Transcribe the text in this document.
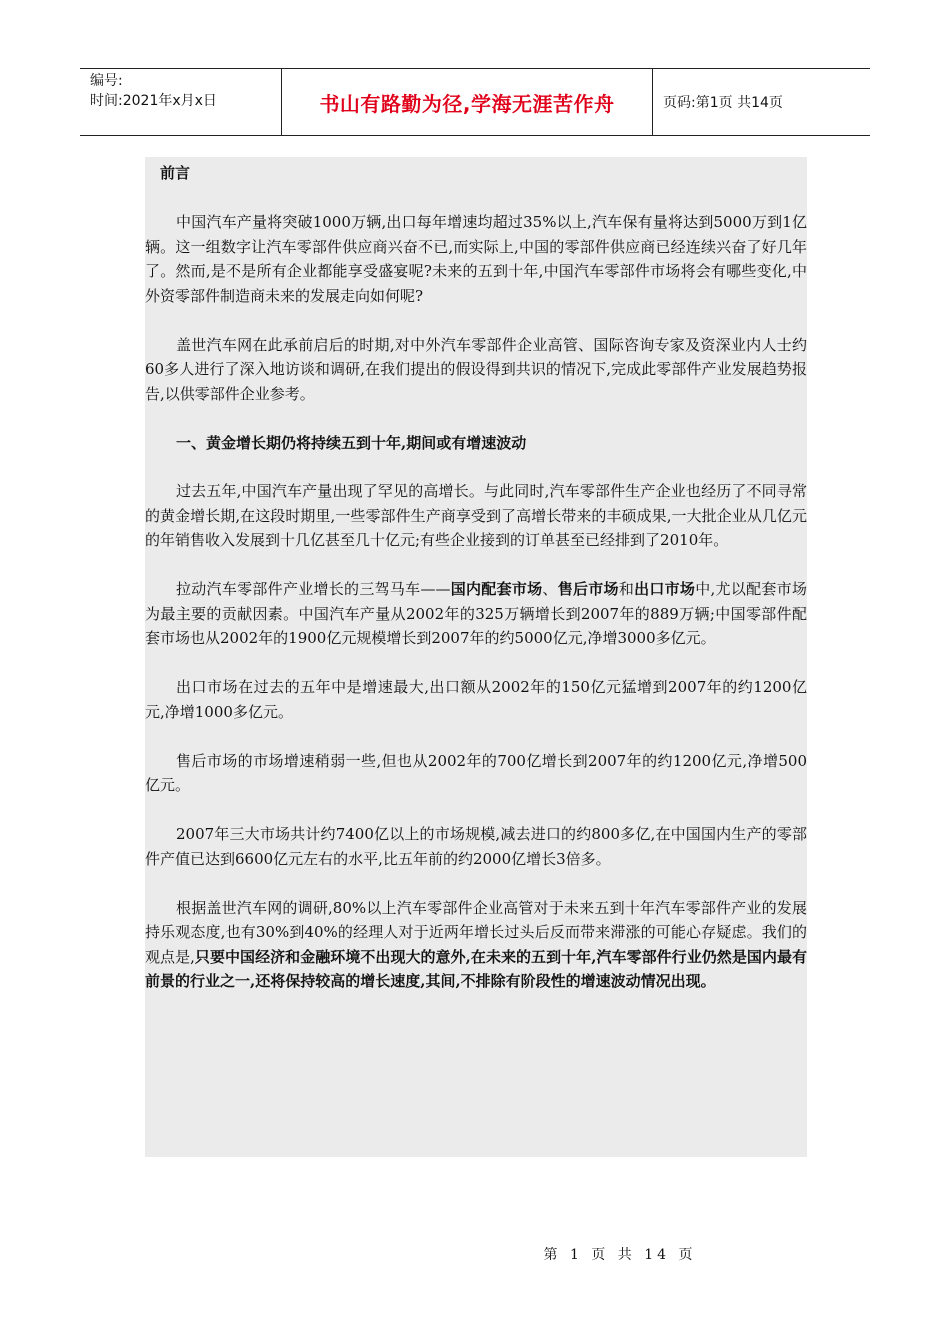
编号:
时间:2021年x月x日	书山有路勤为径,学海无涯苦作舟	页码:第1页 共14页

前言

中国汽车产量将突破1000万辆,出口每年增速均超过35%以上,汽车保有量将达到5000万到1亿辆。这一组数字让汽车零部件供应商兴奋不已,而实际上,中国的零部件供应商已经连续兴奋了好几年了。然而,是不是所有企业都能享受盛宴呢?未来的五到十年,中国汽车零部件市场将会有哪些变化,中外资零部件制造商未来的发展走向如何呢?

盖世汽车网在此承前启后的时期,对中外汽车零部件企业高管、国际咨询专家及资深业内人士约60多人进行了深入地访谈和调研,在我们提出的假设得到共识的情况下,完成此零部件产业发展趋势报告,以供零部件企业参考。

一、黄金增长期仍将持续五到十年,期间或有增速波动

过去五年,中国汽车产量出现了罕见的高增长。与此同时,汽车零部件生产企业也经历了不同寻常的黄金增长期,在这段时期里,一些零部件生产商享受到了高增长带来的丰硕成果,一大批企业从几亿元的年销售收入发展到十几亿甚至几十亿元;有些企业接到的订单甚至已经排到了2010年。

拉动汽车零部件产业增长的三驾马车——国内配套市场、售后市场和出口市场中,尤以配套市场为最主要的贡献因素。中国汽车产量从2002年的325万辆增长到2007年的889万辆;中国零部件配套市场也从2002年的1900亿元规模增长到2007年的约5000亿元,净增3000多亿元。

出口市场在过去的五年中是增速最大,出口额从2002年的150亿元猛增到2007年的约1200亿元,净增1000多亿元。

售后市场的市场增速稍弱一些,但也从2002年的700亿增长到2007年的约1200亿元,净增500亿元。

2007年三大市场共计约7400亿以上的市场规模,减去进口的约800多亿,在中国国内生产的零部件产值已达到6600亿元左右的水平,比五年前的约2000亿增长3倍多。

根据盖世汽车网的调研,80%以上汽车零部件企业高管对于未来五到十年汽车零部件产业的发展持乐观态度,也有30%到40%的经理人对于近两年增长过头后反而带来滞涨的可能心存疑虑。我们的观点是,只要中国经济和金融环境不出现大的意外,在未来的五到十年,汽车零部件行业仍然是国内最有前景的行业之一,还将保持较高的增长速度,其间,不排除有阶段性的增速波动情况出现。

第 1 页 共 14 页
